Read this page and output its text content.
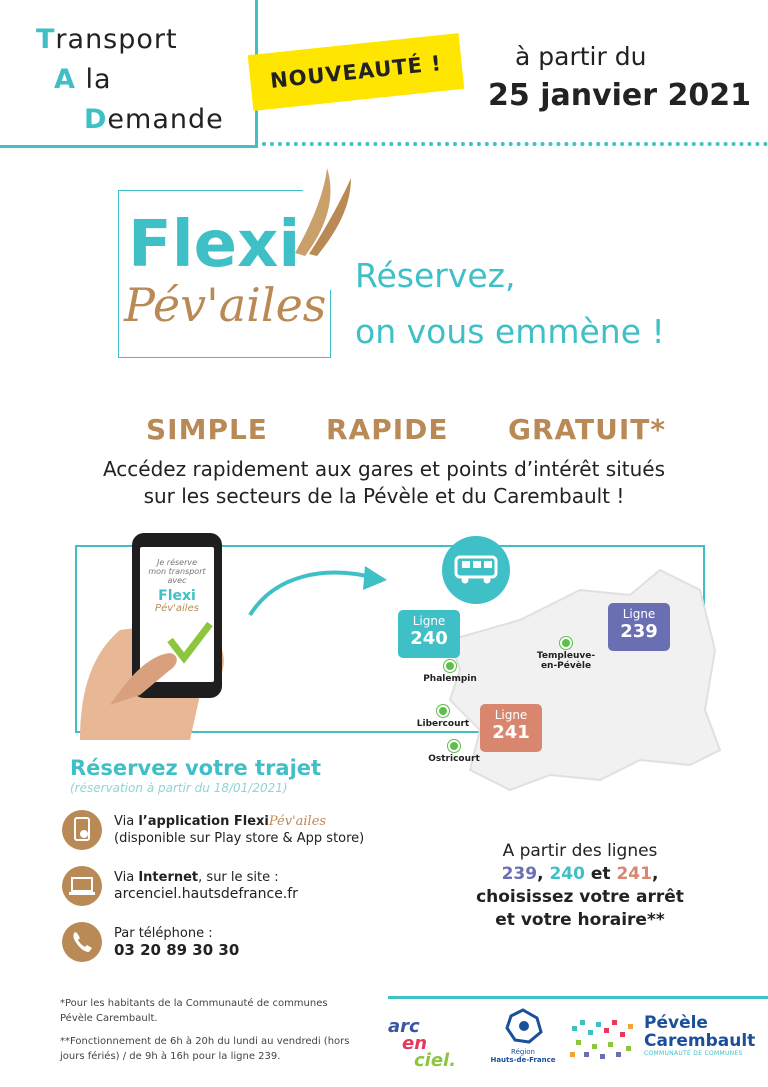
Transport
A la
Demande
NOUVEAUTÉ !	à partir du
25 janvier 2021
Flexi
Pév'ailes
Réservez,
on vous emmène !
SIMPLE RAPIDE GRATUIT*
Accédez rapidement aux gares et points d’intérêt situés
sur les secteurs de la Pévèle et du Carembault !
Je réserve
mon transport
avec
Flexi
Pév'ailes
Ligne
240
Ligne
239
Ligne
241
Phalempin
Libercourt
Ostricourt
Templeuve-en-Pévèle
Réservez votre trajet
(réservation à partir du 18/01/2021)
Via l’application FlexiPév'ailes
(disponible sur Play store & App store)
Via Internet, sur le site :
arcenciel.hautsdefrance.fr
Par téléphone :
03 20 89 30 30
A partir des lignes
239, 240 et 241,
choisissez votre arrêt
et votre horaire**
*Pour les habitants de la Communauté de communes Pévèle Carembault.
**Fonctionnement de 6h à 20h du lundi au vendredi (hors jours fériés) / de 9h à 16h pour la ligne 239.
arc
en
ciel.	Région
Hauts-de-France
Pévèle
Carembault
COMMUNAUTÉ DE COMMUNES
